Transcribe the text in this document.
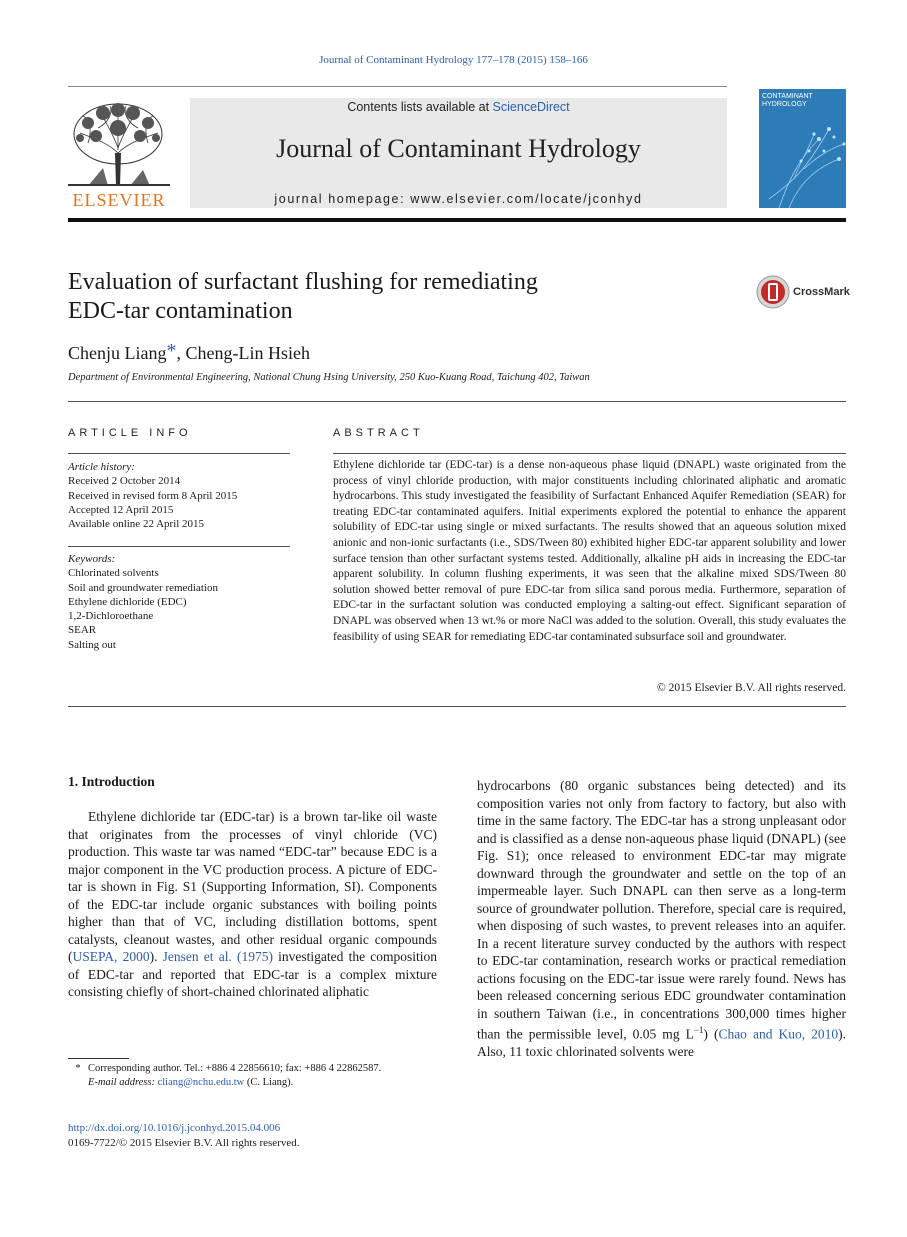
Journal of Contaminant Hydrology 177–178 (2015) 158–166
ELSEVIER
Contents lists available at ScienceDirect
Journal of Contaminant Hydrology
journal homepage: www.elsevier.com/locate/jconhyd
CONTAMINANT HYDROLOGY
Evaluation of surfactant flushing for remediating
EDC-tar contamination
CrossMark
Chenju Liang*, Cheng-Lin Hsieh
Department of Environmental Engineering, National Chung Hsing University, 250 Kuo-Kuang Road, Taichung 402, Taiwan
ARTICLE INFO
Article history:
Received 2 October 2014
Received in revised form 8 April 2015
Accepted 12 April 2015
Available online 22 April 2015
Keywords:
Chlorinated solvents
Soil and groundwater remediation
Ethylene dichloride (EDC)
1,2-Dichloroethane
SEAR
Salting out
ABSTRACT
Ethylene dichloride tar (EDC-tar) is a dense non-aqueous phase liquid (DNAPL) waste originated from the process of vinyl chloride production, with major constituents including chlorinated aliphatic and aromatic hydrocarbons. This study investigated the feasibility of Surfactant Enhanced Aquifer Remediation (SEAR) for treating EDC-tar contaminated aquifers. Initial experiments explored the potential to enhance the apparent solubility of EDC-tar using single or mixed surfactants. The results showed that an aqueous solution mixed anionic and non-ionic surfactants (i.e., SDS/Tween 80) exhibited higher EDC-tar apparent solubility and lower surface tension than other surfactant systems tested. Additionally, alkaline pH aids in increasing the EDC-tar apparent solubility. In column flushing experiments, it was seen that the alkaline mixed SDS/Tween 80 solution showed better removal of pure EDC-tar from silica sand porous media. Furthermore, separation of EDC-tar in the surfactant solution was conducted employing a salting-out effect. Significant separation of DNAPL was observed when 13 wt.% or more NaCl was added to the solution. Overall, this study evaluates the feasibility of using SEAR for remediating EDC-tar contaminated subsurface soil and groundwater.
© 2015 Elsevier B.V. All rights reserved.
1. Introduction
Ethylene dichloride tar (EDC-tar) is a brown tar-like oil waste that originates from the processes of vinyl chloride (VC) production. This waste tar was named “EDC-tar” because EDC is a major component in the VC production process. A picture of EDC-tar is shown in Fig. S1 (Supporting Information, SI). Components of the EDC-tar include organic substances with boiling points higher than that of VC, including distillation bottoms, spent catalysts, cleanout wastes, and other residual organic compounds (USEPA, 2000). Jensen et al. (1975) investigated the composition of EDC-tar and reported that EDC-tar is a complex mixture consisting chiefly of short-chained chlorinated aliphatic
hydrocarbons (80 organic substances being detected) and its composition varies not only from factory to factory, but also with time in the same factory. The EDC-tar has a strong unpleasant odor and is classified as a dense non-aqueous phase liquid (DNAPL) (see Fig. S1); once released to environment EDC-tar may migrate downward through the groundwater and settle on the top of an impermeable layer. Such DNAPL can then serve as a long-term source of groundwater pollution. Therefore, special care is required, when disposing of such wastes, to prevent releases into an aquifer. In a recent literature survey conducted by the authors with respect to EDC-tar contamination, research works or practical remediation actions focusing on the EDC-tar issue were rarely found. News has been released concerning serious EDC groundwater contamination in southern Taiwan (i.e., in concentrations 300,000 times higher than the permissible level, 0.05 mg $L^{-1}$) (Chao and Kuo, 2010). Also, 11 toxic chlorinated solvents were
* Corresponding author. Tel.: +886 4 22856610; fax: +886 4 22862587.
E-mail address: cliang@nchu.edu.tw (C. Liang).
http://dx.doi.org/10.1016/j.jconhyd.2015.04.006
0169-7722/© 2015 Elsevier B.V. All rights reserved.
